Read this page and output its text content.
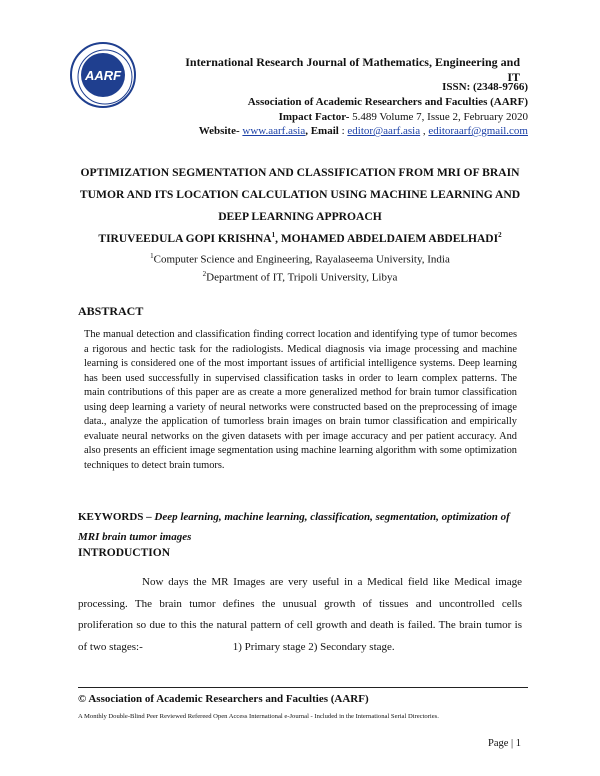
AARF
International Research Journal of Mathematics, Engineering and IT
ISSN: (2348-9766)
Association of Academic Researchers and Faculties (AARF)
Impact Factor- 5.489 Volume 7, Issue 2, February 2020
Website- www.aarf.asia, Email : editor@aarf.asia , editoraarf@gmail.com
OPTIMIZATION SEGMENTATION AND CLASSIFICATION FROM MRI OF BRAIN
TUMOR AND ITS LOCATION CALCULATION USING MACHINE LEARNING AND
DEEP LEARNING APPROACH
TIRUVEEDULA GOPI KRISHNA$^1$, MOHAMED ABDELDAIEM ABDELHADI$^2$
$^1$Computer Science and Engineering, Rayalaseema University, India
$^2$Department of IT, Tripoli University, Libya
ABSTRACT
The manual detection and classification finding correct location and identifying type of tumor becomes a rigorous and hectic task for the radiologists. Medical diagnosis via image processing and machine learning is considered one of the most important issues of artificial intelligence systems. Deep learning has been used successfully in supervised classification tasks in order to learn complex patterns. The main contributions of this paper are as create a more generalized method for brain tumor classification using deep learning a variety of neural networks were constructed based on the preprocessing of image data., analyze the application of tumorless brain images on brain tumor classification and empirically evaluate neural networks on the given datasets with per image accuracy and per patient accuracy. And also presents an efficient image segmentation using machine learning algorithm with some optimization techniques to detect brain tumors.
KEYWORDS – Deep learning, machine learning, classification, segmentation, optimization of MRI brain tumor images
INTRODUCTION

Now days the MR Images are very useful in a Medical field like Medical image processing. The brain tumor defines the unusual growth of tissues and uncontrolled cells proliferation so due to this the natural pattern of cell growth and death is failed. The brain tumor is of two stages:-	1) Primary stage 2) Secondary stage.

© Association of Academic Researchers and Faculties (AARF)
A Monthly Double-Blind Peer Reviewed Refereed Open Access International e-Journal - Included in the International Serial Directories.
Page | 1
